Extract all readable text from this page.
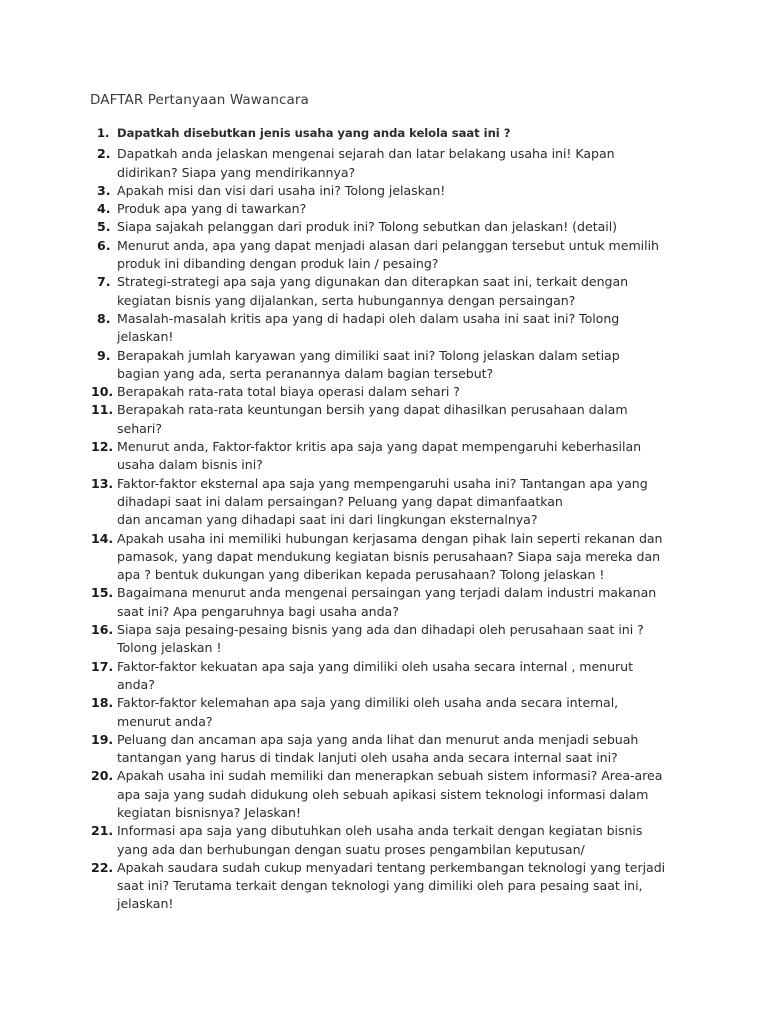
DAFTAR Pertanyaan Wawancara
1. Dapatkah disebutkan jenis usaha yang anda kelola saat ini ?
2. Dapatkah anda jelaskan mengenai sejarah dan latar belakang usaha ini! Kapan
didirikan? Siapa yang mendirikannya?
3. Apakah misi dan visi dari usaha ini? Tolong jelaskan!
4. Produk apa yang di tawarkan?
5. Siapa sajakah pelanggan dari produk ini? Tolong sebutkan dan jelaskan! (detail)
6. Menurut anda, apa yang dapat menjadi alasan dari pelanggan tersebut untuk memilih
produk ini dibanding dengan produk lain / pesaing?
7. Strategi-strategi apa saja yang digunakan dan diterapkan saat ini, terkait dengan
kegiatan bisnis yang dijalankan, serta hubungannya dengan persaingan?
8. Masalah-masalah kritis apa yang di hadapi oleh dalam usaha ini saat ini? Tolong
jelaskan!
9. Berapakah jumlah karyawan yang dimiliki saat ini? Tolong jelaskan dalam setiap
bagian yang ada, serta peranannya dalam bagian tersebut?
10. Berapakah rata-rata total biaya operasi dalam sehari ?
11. Berapakah rata-rata keuntungan bersih yang dapat dihasilkan perusahaan dalam
sehari?
12. Menurut anda, Faktor-faktor kritis apa saja yang dapat mempengaruhi keberhasilan
usaha dalam bisnis ini?
13. Faktor-faktor eksternal apa saja yang mempengaruhi usaha ini? Tantangan apa yang
dihadapi saat ini dalam persaingan? Peluang yang dapat dimanfaatkan
dan ancaman yang dihadapi saat ini dari lingkungan eksternalnya?
14. Apakah usaha ini memiliki hubungan kerjasama dengan pihak lain seperti rekanan dan
pamasok, yang dapat mendukung kegiatan bisnis perusahaan? Siapa saja mereka dan
apa ? bentuk dukungan yang diberikan kepada perusahaan? Tolong jelaskan !
15. Bagaimana menurut anda mengenai persaingan yang terjadi dalam industri makanan
saat ini? Apa pengaruhnya bagi usaha anda?
16. Siapa saja pesaing-pesaing bisnis yang ada dan dihadapi oleh perusahaan saat ini ?
Tolong jelaskan !
17. Faktor-faktor kekuatan apa saja yang dimiliki oleh usaha secara internal , menurut
anda?
18. Faktor-faktor kelemahan apa saja yang dimiliki oleh usaha anda secara internal,
menurut anda?
19. Peluang dan ancaman apa saja yang anda lihat dan menurut anda menjadi sebuah
tantangan yang harus di tindak lanjuti oleh usaha anda secara internal saat ini?
20. Apakah usaha ini sudah memiliki dan menerapkan sebuah sistem informasi? Area-area
apa saja yang sudah didukung oleh sebuah apikasi sistem teknologi informasi dalam
kegiatan bisnisnya? Jelaskan!
21. Informasi apa saja yang dibutuhkan oleh usaha anda terkait dengan kegiatan bisnis
yang ada dan berhubungan dengan suatu proses pengambilan keputusan/
22. Apakah saudara sudah cukup menyadari tentang perkembangan teknologi yang terjadi
saat ini? Terutama terkait dengan teknologi yang dimiliki oleh para pesaing saat ini,
jelaskan!
